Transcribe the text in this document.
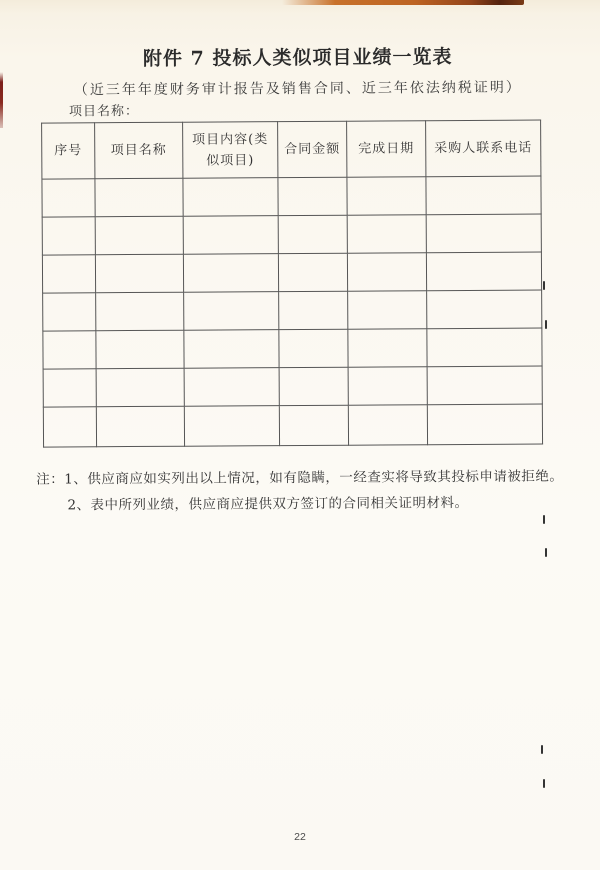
附件 7 投标人类似项目业绩一览表
（近三年年度财务审计报告及销售合同、近三年依法纳税证明）
项目名称：
序号	项目名称	项目内容(类似项目)	合同金额	完成日期	采购人联系电话

注：1、供应商应如实列出以上情况，如有隐瞒，一经查实将导致其投标申请被拒绝。
2、表中所列业绩，供应商应提供双方签订的合同相关证明材料。
22
